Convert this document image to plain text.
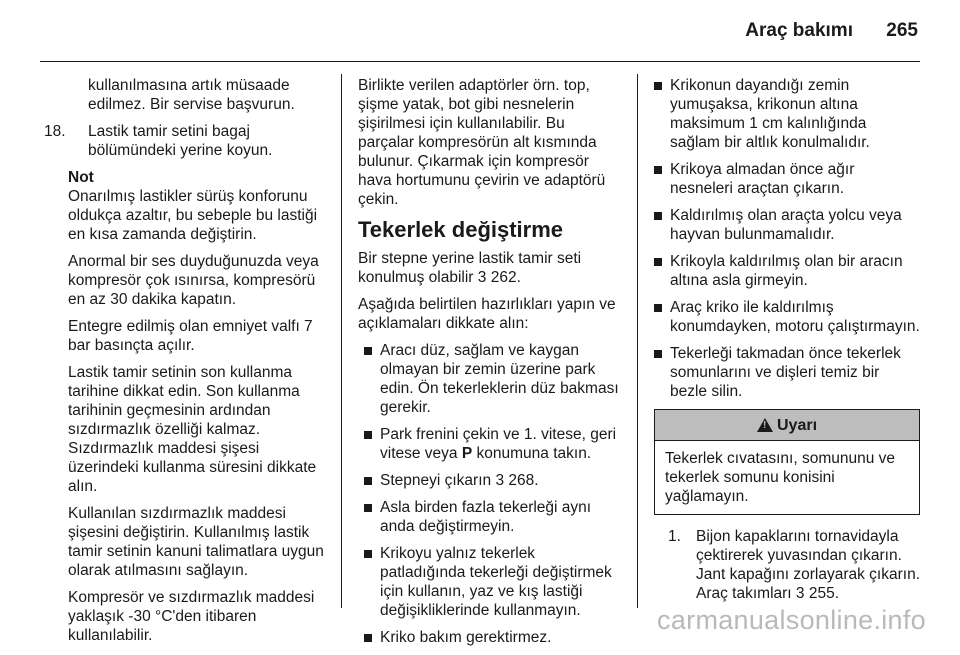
Araç bakımı 265

kullanılmasına artık müsaade edilmez. Bir servise başvurun.

18.	Lastik tamir setini bagaj bölümündeki yerine koyun.

Not

Onarılmış lastikler sürüş konforunu oldukça azaltır, bu sebeple bu lastiği en kısa zamanda değiştirin.

Anormal bir ses duyduğunuzda veya kompresör çok ısınırsa, kompresörü en az 30 dakika kapatın.

Entegre edilmiş olan emniyet valfı 7 bar basınçta açılır.

Lastik tamir setinin son kullanma tarihine dikkat edin. Son kullanma tarihinin geçmesinin ardından sızdırmazlık özelliği kalmaz. Sızdırmazlık maddesi şişesi üzerindeki kullanma süresini dikkate alın.

Kullanılan sızdırmazlık maddesi şişesini değiştirin. Kullanılmış lastik tamir setinin kanuni talimatlara uygun olarak atılmasını sağlayın.

Kompresör ve sızdırmazlık maddesi yaklaşık -30 °C'den itibaren kullanılabilir.

Birlikte verilen adaptörler örn. top, şişme yatak, bot gibi nesnelerin şişirilmesi için kullanılabilir. Bu parçalar kompresörün alt kısmında bulunur. Çıkarmak için kompresör hava hortumunu çevirin ve adaptörü çekin.

Tekerlek değiştirme

Bir stepne yerine lastik tamir seti konulmuş olabilir 3 262.

Aşağıda belirtilen hazırlıkları yapın ve açıklamaları dikkate alın:

Aracı düz, sağlam ve kaygan olmayan bir zemin üzerine park edin. Ön tekerleklerin düz bakması gerekir.
Park frenini çekin ve 1. vitese, geri vitese veya P konumuna takın.
Stepneyi çıkarın 3 268.
Asla birden fazla tekerleği aynı anda değiştirmeyin.
Krikoyu yalnız tekerlek patladığında tekerleği değiştirmek için kullanın, yaz ve kış lastiği değişikliklerinde kullanmayın.
Kriko bakım gerektirmez.
Krikonun dayandığı zemin yumuşaksa, krikonun altına maksimum 1 cm kalınlığında sağlam bir altlık konulmalıdır.
Krikoya almadan önce ağır nesneleri araçtan çıkarın.
Kaldırılmış olan araçta yolcu veya hayvan bulunmamalıdır.
Krikoyla kaldırılmış olan bir aracın altına asla girmeyin.
Araç kriko ile kaldırılmış konumdayken, motoru çalıştırmayın.
Tekerleği takmadan önce tekerlek somunlarını ve dişleri temiz bir bezle silin.
! Uyarı
Tekerlek cıvatasını, somununu ve tekerlek somunu konisini yağlamayın.
1. Bijon kapaklarını tornavidayla çektirerek yuvasından çıkarın. Jant kapağını zorlayarak çıkarın. Araç takımları 3 255.
carmanualsonline.info
